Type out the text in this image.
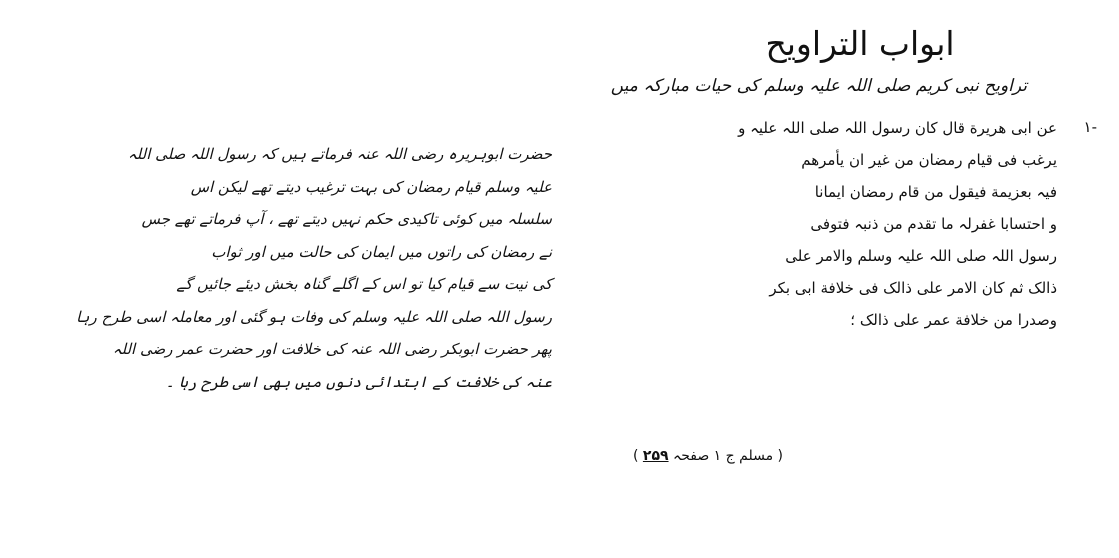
ابواب التراويح
تراویح نبی کریم صلی اللہ علیہ وسلم کی حیات مبارکہ میں
۱-
عن ابی ھریرة قال کان رسول اللہ صلی اللہ علیہ و
یرغب فی قیام رمضان من غیر ان یأمرھم
فیہ بعزیمة فیقول من قام رمضان ایمانا
و احتسابا غفرلہ ما تقدم من ذنبہ فتوفی
رسول اللہ صلی اللہ علیہ وسلم والامر علی
ذالک ثم کان الامر علی ذالک فی خلافة ابی بکر
وصدرا من خلافة عمر علی ذالک ؛
( مسلم ج ۱ صفحہ ۲۵۹ )
حضرت ابوہریرہ رضی اللہ عنہ فرماتے ہیں کہ رسول اللہ صلی اللہ
علیہ وسلم قیام رمضان کی بہت ترغیب دیتے تھے لیکن اس
سلسلہ میں کوئی تاکیدی حکم نہیں دیتے تھے ، آپ فرماتے تھے جس
نے رمضان کی راتوں میں ایمان کی حالت میں اور ثواب
کی نیت سے قیام کیا تو اس کے اگلے گناہ بخش دیئے جائیں گے
رسول اللہ صلی اللہ علیہ وسلم کی وفات ہو گئی اور معاملہ اسی طرح رہا
پھر حضرت ابوبکر رضی اللہ عنہ کی خلافت اور حضرت عمر رضی اللہ
عنہ کی خلافت کے ابتدائی دنوں میں بھی اسی طرح رہا ۔
